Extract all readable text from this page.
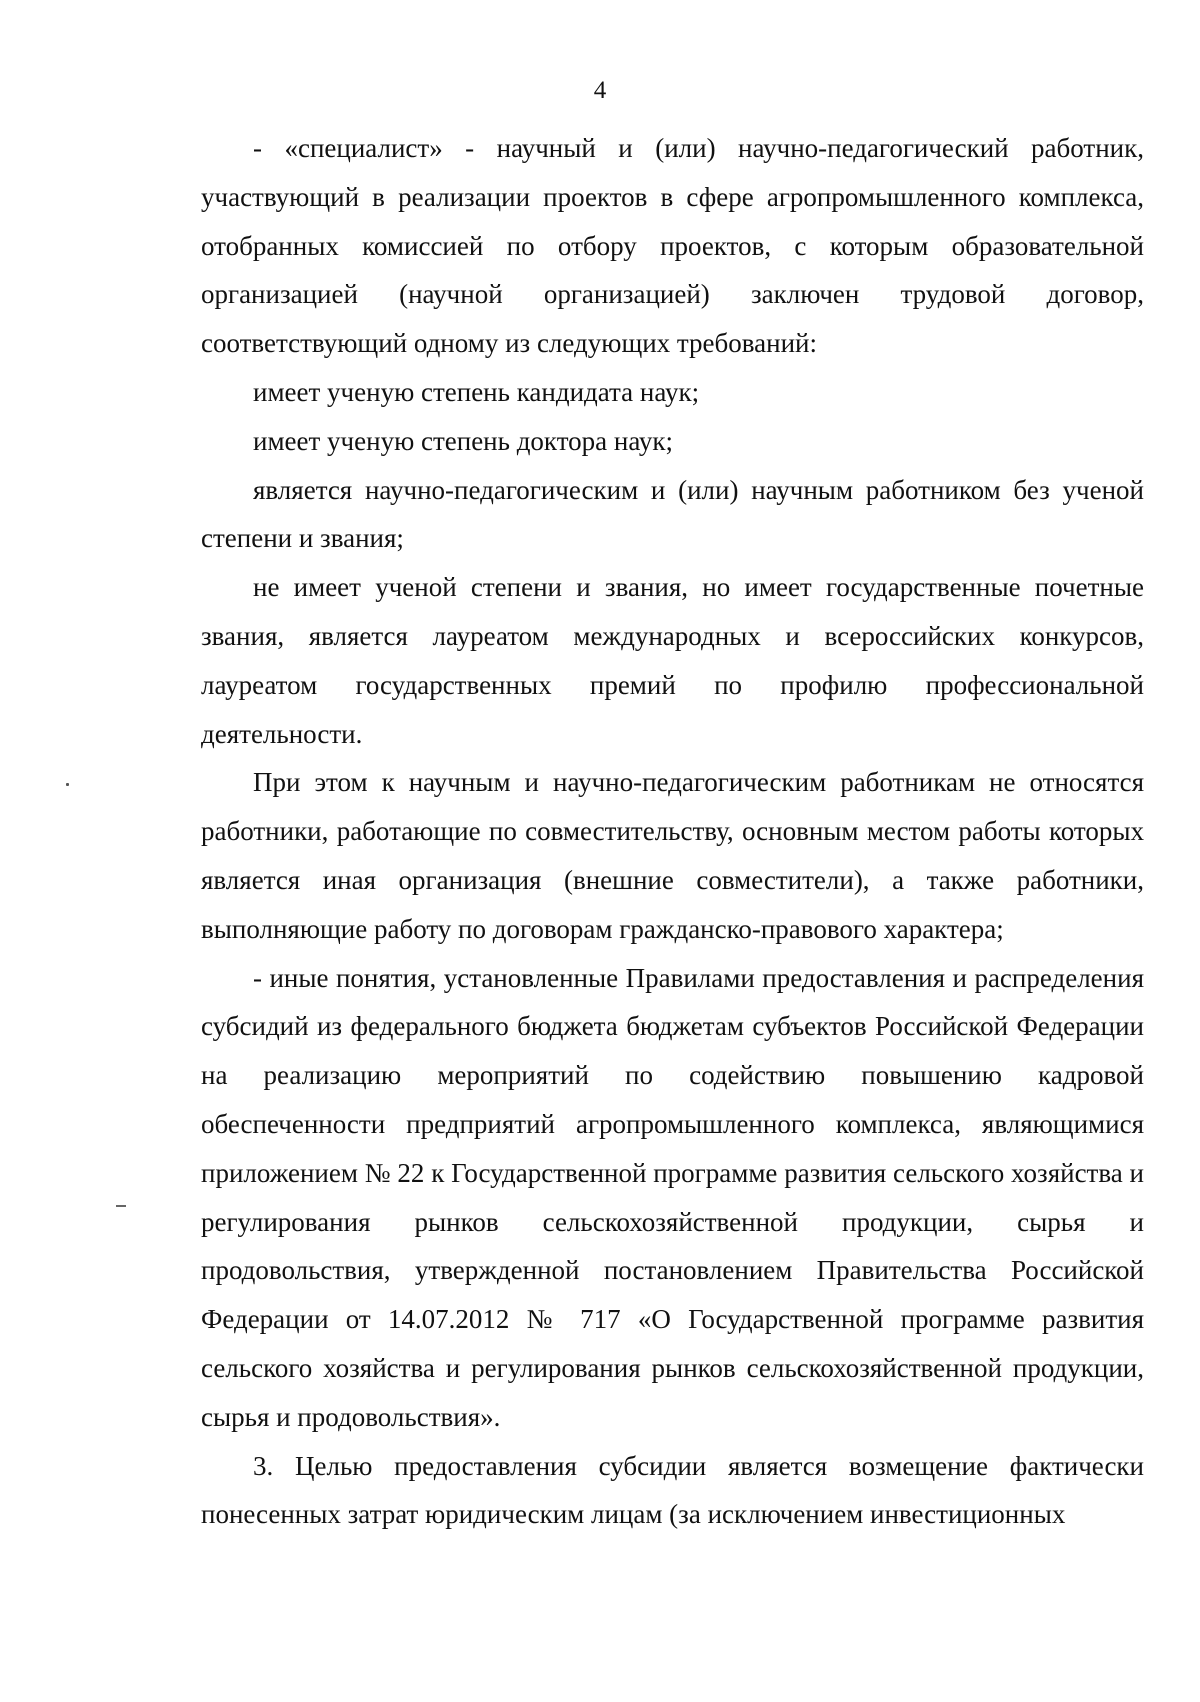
4

- «специалист» - научный и (или) научно-педагогический работник, участвующий в реализации проектов в сфере агропромышленного комплекса, отобранных комиссией по отбору проектов, с которым образовательной организацией (научной организацией) заключен трудовой договор, соответствующий одному из следующих требований:

имеет ученую степень кандидата наук;

имеет ученую степень доктора наук;

является научно-педагогическим и (или) научным работником без ученой степени и звания;

не имеет ученой степени и звания, но имеет государственные почетные звания, является лауреатом международных и всероссийских конкурсов, лауреатом государственных премий по профилю профессиональной деятельности.

При этом к научным и научно-педагогическим работникам не относятся работники, работающие по совместительству, основным местом работы которых является иная организация (внешние совместители), а также работники, выполняющие работу по договорам гражданско-правового характера;

- иные понятия, установленные Правилами предоставления и распределения субсидий из федерального бюджета бюджетам субъектов Российской Федерации на реализацию мероприятий по содействию повышению кадровой обеспеченности предприятий агропромышленного комплекса, являющимися приложением № 22 к Государственной программе развития сельского хозяйства и регулирования рынков сельскохозяйственной продукции, сырья и продовольствия, утвержденной постановлением Правительства Российской Федерации от 14.07.2012 № 717 «О Государственной программе развития сельского хозяйства и регулирования рынков сельскохозяйственной продукции, сырья и продовольствия».

3. Целью предоставления субсидии является возмещение фактически понесенных затрат юридическим лицам (за исключением инвестиционных
